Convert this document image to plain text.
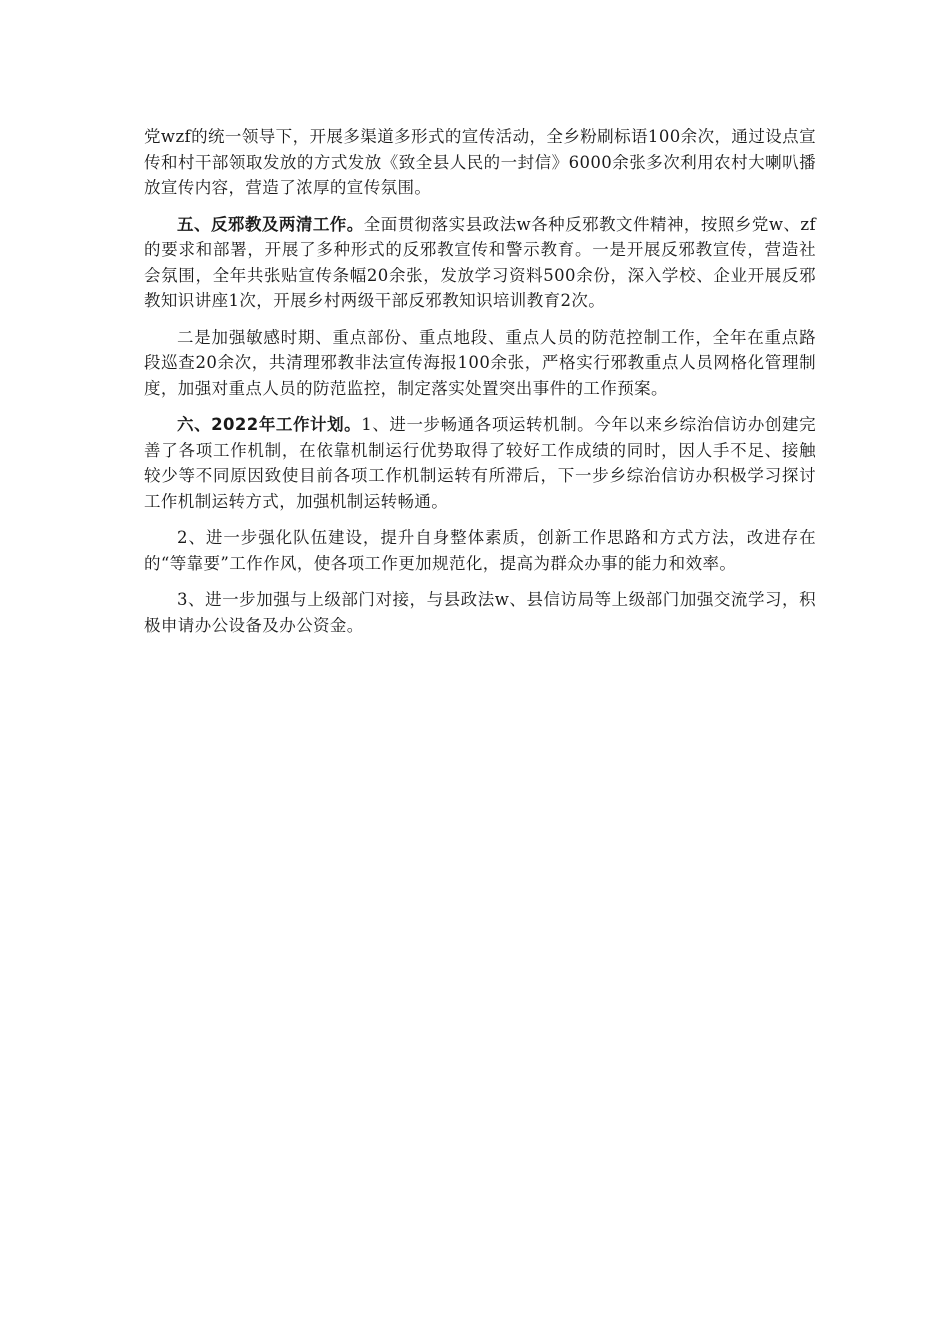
党wzf的统一领导下，开展多渠道多形式的宣传活动，全乡粉刷标语100余次，通过设点宣传和村干部领取发放的方式发放《致全县人民的一封信》6000余张多次利用农村大喇叭播放宣传内容，营造了浓厚的宣传氛围。

五、反邪教及两清工作。全面贯彻落实县政法w各种反邪教文件精神，按照乡党w、zf的要求和部署，开展了多种形式的反邪教宣传和警示教育。一是开展反邪教宣传，营造社会氛围，全年共张贴宣传条幅20余张，发放学习资料500余份，深入学校、企业开展反邪教知识讲座1次，开展乡村两级干部反邪教知识培训教育2次。

二是加强敏感时期、重点部份、重点地段、重点人员的防范控制工作，全年在重点路段巡查20余次，共清理邪教非法宣传海报100余张，严格实行邪教重点人员网格化管理制度，加强对重点人员的防范监控，制定落实处置突出事件的工作预案。

六、2022年工作计划。1、进一步畅通各项运转机制。今年以来乡综治信访办创建完善了各项工作机制，在依靠机制运行优势取得了较好工作成绩的同时，因人手不足、接触较少等不同原因致使目前各项工作机制运转有所滞后，下一步乡综治信访办积极学习探讨工作机制运转方式，加强机制运转畅通。

2、进一步强化队伍建设，提升自身整体素质，创新工作思路和方式方法，改进存在的“等靠要”工作作风，使各项工作更加规范化，提高为群众办事的能力和效率。

3、进一步加强与上级部门对接，与县政法w、县信访局等上级部门加强交流学习，积极申请办公设备及办公资金。
